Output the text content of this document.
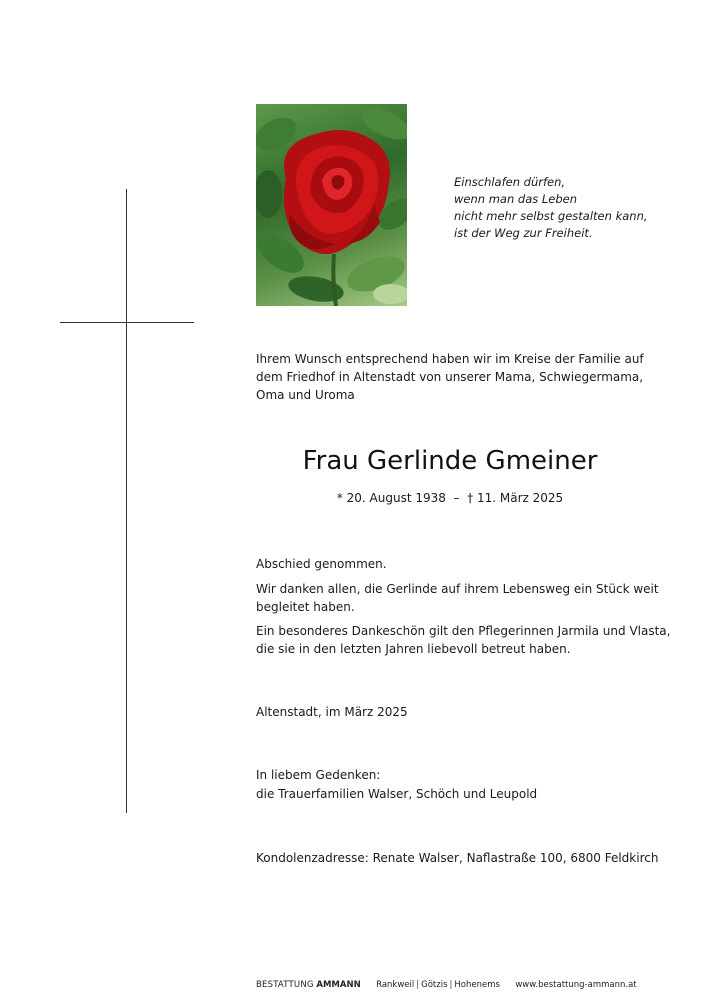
Einschlafen dürfen,
wenn man das Leben
nicht mehr selbst gestalten kann,
ist der Weg zur Freiheit.
Ihrem Wunsch entsprechend haben wir im Kreise der Familie auf
dem Friedhof in Altenstadt von unserer Mama, Schwiegermama,
Oma und Uroma
Frau Gerlinde Gmeiner
* 20. August 1938  –  † 11. März 2025
Abschied genommen.
Wir danken allen, die Gerlinde auf ihrem Lebensweg ein Stück weit
begleitet haben.
Ein besonderes Dankeschön gilt den Pflegerinnen Jarmila und Vlasta,
die sie in den letzten Jahren liebevoll betreut haben.
Altenstadt, im März 2025
In liebem Gedenken:
die Trauerfamilien Walser, Schöch und Leupold
Kondolenzadresse: Renate Walser, Naflastraße 100, 6800 Feldkirch
BESTATTUNG AMMANN Rankweil | Götzis | Hohenems www.bestattung-ammann.at
